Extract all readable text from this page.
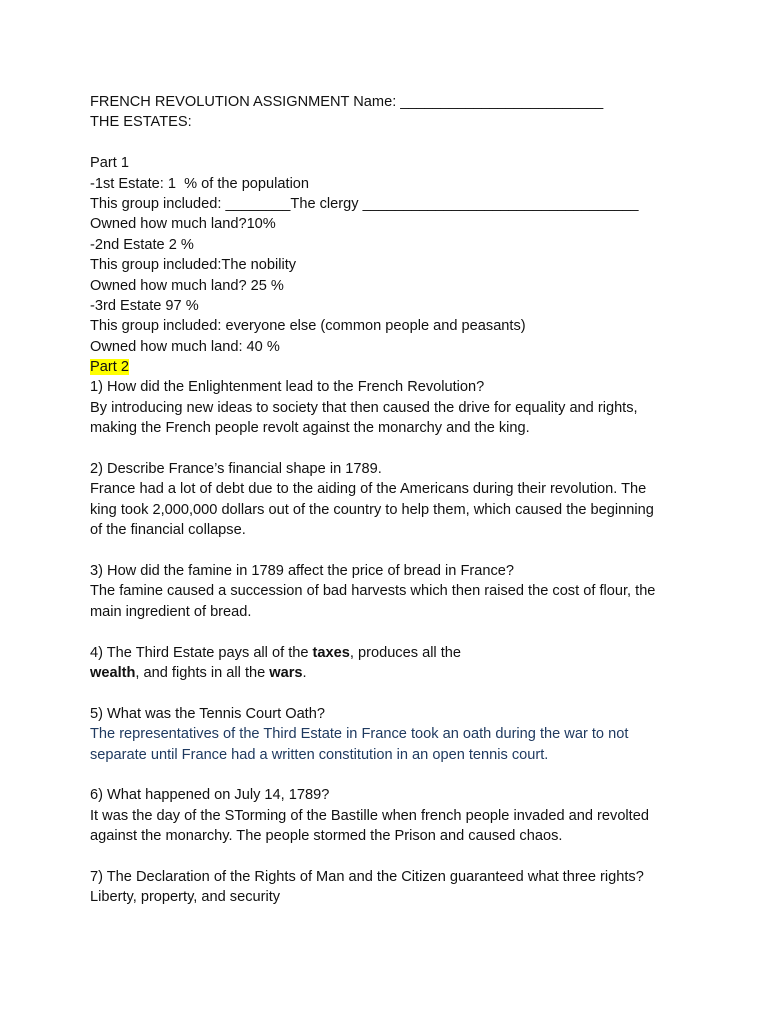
FRENCH REVOLUTION ASSIGNMENT Name: _________________________
THE ESTATES:
Part 1
-1st Estate: 1  % of the population
This group included: ________The clergy __________________________________
Owned how much land?10%
-2nd Estate 2 %
This group included:The nobility
Owned how much land? 25 %
-3rd Estate 97 %
This group included: everyone else (common people and peasants)
Owned how much land: 40 %
Part 2
1) How did the Enlightenment lead to the French Revolution?
By introducing new ideas to society that then caused the drive for equality and rights,
making the French people revolt against the monarchy and the king.
2) Describe France’s financial shape in 1789.
France had a lot of debt due to the aiding of the Americans during their revolution. The
king took 2,000,000 dollars out of the country to help them, which caused the beginning
of the financial collapse.
3) How did the famine in 1789 affect the price of bread in France?
The famine caused a succession of bad harvests which then raised the cost of flour, the
main ingredient of bread.
4) The Third Estate pays all of the taxes, produces all the
wealth, and fights in all the wars.
5) What was the Tennis Court Oath?
The representatives of the Third Estate in France took an oath during the war to not
separate until France had a written constitution in an open tennis court.
6) What happened on July 14, 1789?
It was the day of the STorming of the Bastille when french people invaded and revolted
against the monarchy. The people stormed the Prison and caused chaos.
7) The Declaration of the Rights of Man and the Citizen guaranteed what three rights?
Liberty, property, and security
